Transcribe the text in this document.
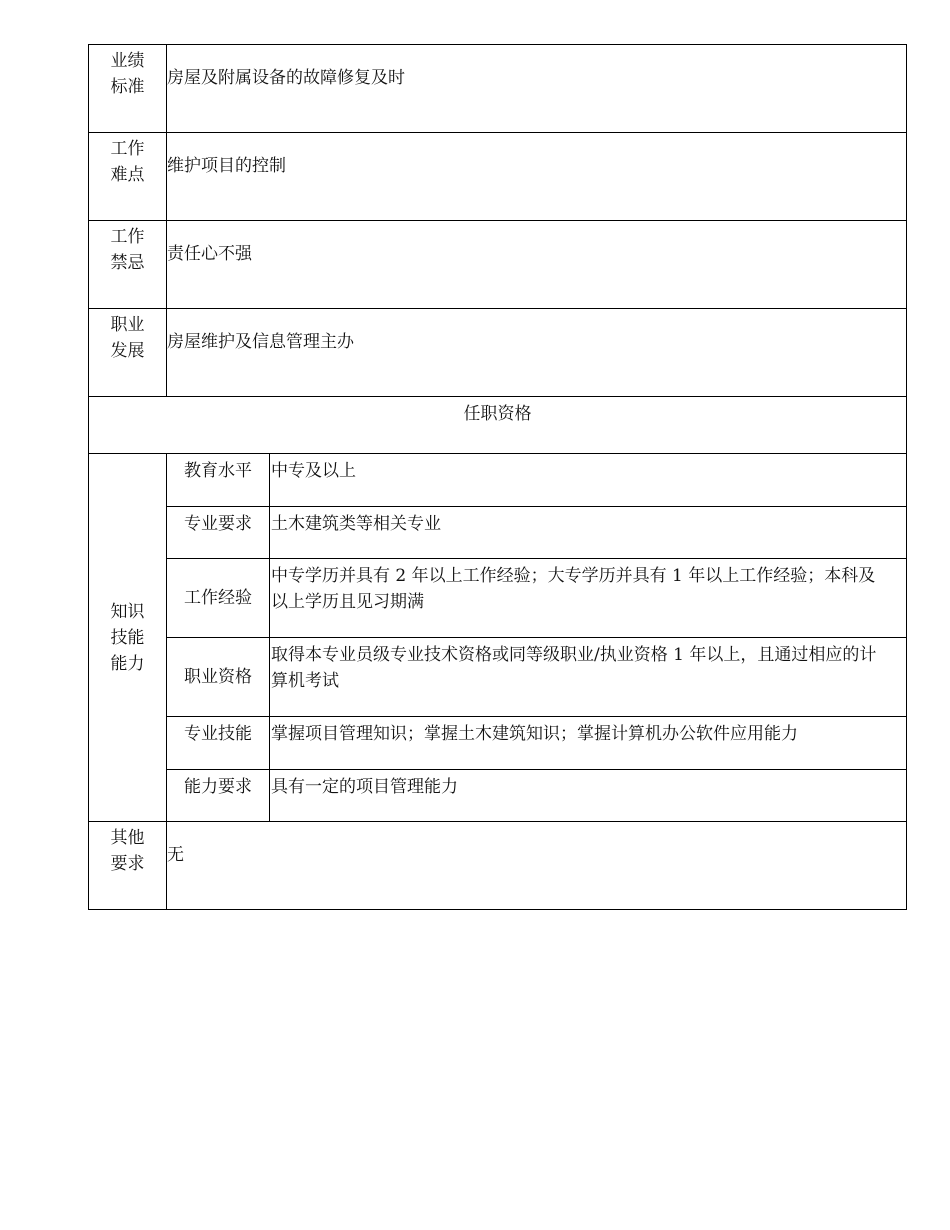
业绩
标准	房屋及附属设备的故障修复及时	

工作
难点	维护项目的控制	

工作
禁忌	责任心不强	

职业
发展	房屋维护及信息管理主办	
任职资格		

知识
技能
能力	教育水平	中专及以上
	专业要求	土木建筑类等相关专业
	工作经验	中专学历并具有 2 年以上工作经验；大专学历并具有 1 年以上工作经验；本科及以上学历且见习期满
	职业资格	取得本专业员级专业技术资格或同等级职业/执业资格 1 年以上，且通过相应的计算机考试
	专业技能	掌握项目管理知识；掌握土木建筑知识；掌握计算机办公软件应用能力
	能力要求	具有一定的项目管理能力

其他
要求	无	
